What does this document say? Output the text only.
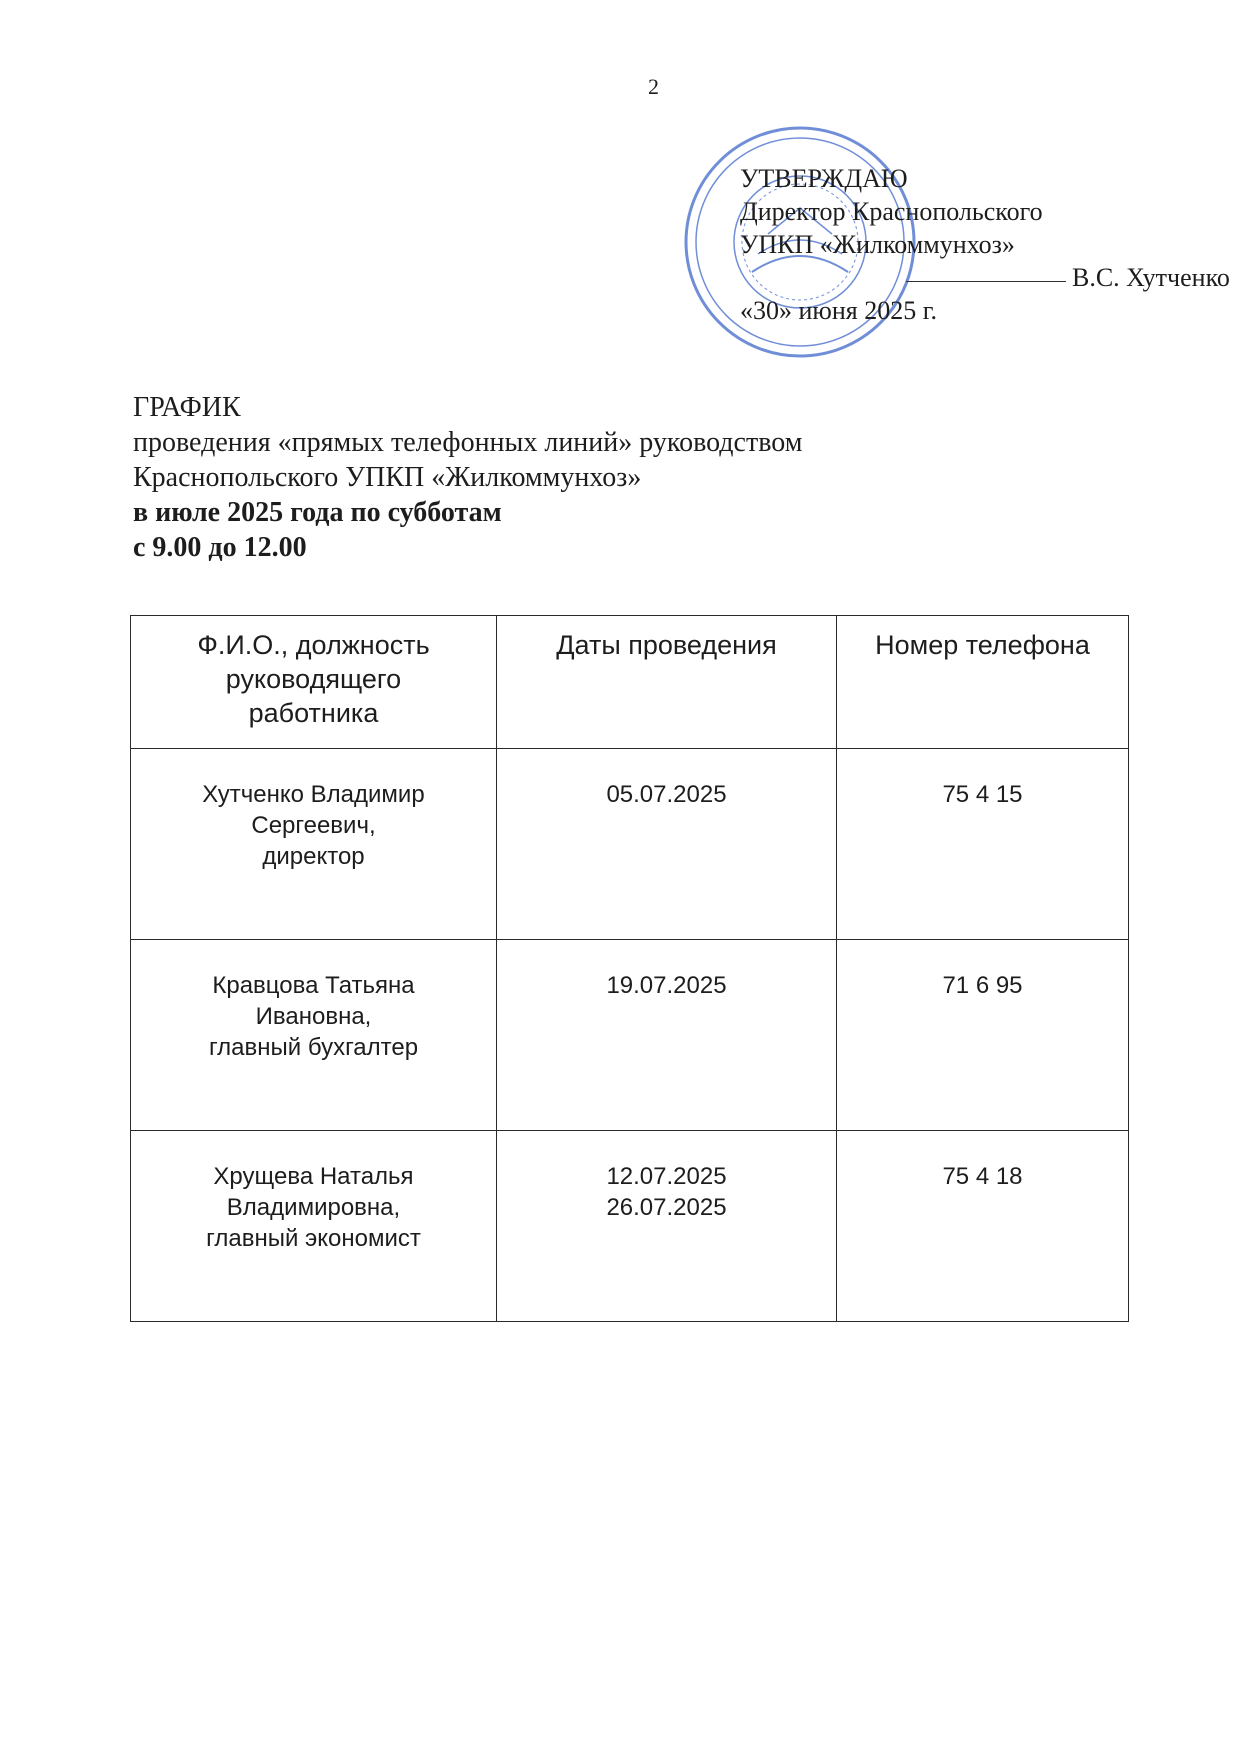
2
УТВЕРЖДАЮ
Директор Краснопольского
УПКП «Жилкоммунхоз»
В.С. Хутченко
«30» июня 2025 г.
ГРАФИК
проведения «прямых телефонных линий» руководством
Краснопольского УПКП «Жилкоммунхоз»
в июле 2025 года по субботам
с 9.00 до 12.00
Ф.И.О., должность
руководящего
работника	Даты проведения	Номер телефона

Хутченко Владимир
Сергеевич,
директор	05.07.2025	75 4 15

Кравцова Татьяна
Ивановна,
главный бухгалтер	19.07.2025	71 6 95

Хрущева Наталья
Владимировна,
главный экономист	12.07.2025
26.07.2025	75 4 18
